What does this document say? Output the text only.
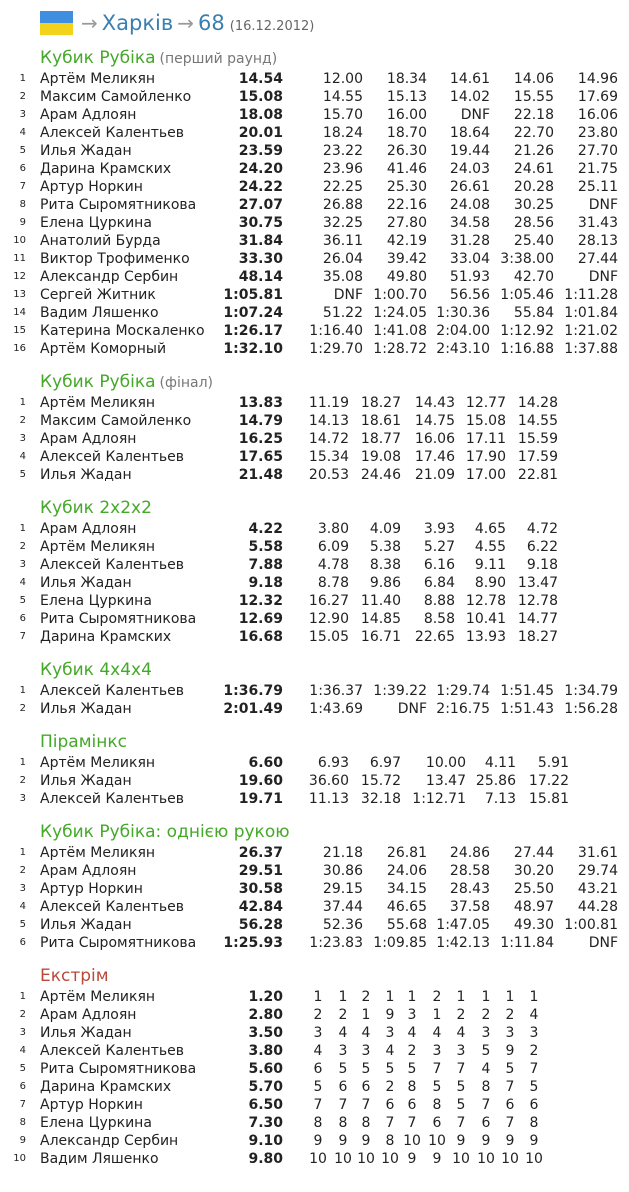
→ Харків → 68 (16.12.2012)
Кубик Рубіка (перший раунд)
1 Артём Меликян	14.54	12.00 18.34 14.61 14.06 14.96
2 Максим Самойленко	15.08	14.55 15.13 14.02 15.55 17.69
3 Арам Адлоян	18.08	15.70 16.00 DNF 22.18 16.06
4 Алексей Калентьев	20.01	18.24 18.70 18.64 22.70 23.80
5 Илья Жадан	23.59	23.22 26.30 19.44 21.26 27.70
6 Дарина Крамских	24.20	23.96 41.46 24.03 24.61 21.75
7 Артур Норкин	24.22	22.25 25.30 26.61 20.28 25.11
8 Рита Сыромятникова	27.07	26.88 22.16 24.08 30.25 DNF
9 Елена Цуркина	30.75	32.25 27.80 34.58 28.56 31.43
10 Анатолий Бурда	31.84	36.11 42.19 31.28 25.40 28.13
11 Виктор Трофименко	33.30	26.04 39.42 33.04 3:38.00 27.44
12 Александр Сербин	48.14	35.08 49.80 51.93 42.70 DNF
13 Сергей Житник	1:05.81	DNF 1:00.70 56.56 1:05.46 1:11.28
14 Вадим Ляшенко	1:07.24	51.22 1:24.05 1:30.36 55.84 1:01.84
15 Катерина Москаленко 1:26.17 1:16.40 1:41.08 2:04.00 1:12.92 1:21.02
16 Артём Коморный	1:32.10 1:29.70 1:28.72 2:43.10 1:16.88 1:37.88
Кубик Рубіка (фінал)
1 Артём Меликян	13.83 11.19 18.27 14.43 12.77 14.28
2 Максим Самойленко	14.79 14.13 18.61 14.75 15.08 14.55
3 Арам Адлоян	16.25 14.72 18.77 16.06 17.11 15.59
4 Алексей Калентьев	17.65 15.34 19.08 17.46 17.90 17.59
5 Илья Жадан	21.48 20.53 24.46 21.09 17.00 22.81
Кубик 2x2x2
1 Арам Адлоян	4.22 3.80 4.09 3.93 4.65 4.72
2 Артём Меликян	5.58 6.09 5.38 5.27 4.55 6.22
3 Алексей Калентьев	7.88 4.78 8.38 6.16 9.11 9.18
4 Илья Жадан	9.18 8.78 9.86 6.84 8.90 13.47
5 Елена Цуркина	12.32 16.27 11.40 8.88 12.78 12.78
6 Рита Сыромятникова	12.69 12.90 14.85 8.58 10.41 14.77
7 Дарина Крамских	16.68 15.05 16.71 22.65 13.93 18.27
Кубик 4x4x4
1 Алексей Калентьев	1:36.79 1:36.37 1:39.22 1:29.74 1:51.45 1:34.79
2 Илья Жадан	2:01.49 1:43.69 DNF 2:16.75 1:51.43 1:56.28
Пірамінкс
1 Артём Меликян	6.60 6.93 6.97 10.00 4.11 5.91
2 Илья Жадан	19.60 36.60 15.72 13.47 25.86 17.22
3 Алексей Калентьев	19.71 11.13 32.18 1:12.71 7.13 15.81
Кубик Рубіка: однією рукою
1 Артём Меликян	26.37	21.18 26.81 24.86 27.44 31.61
2 Арам Адлоян	29.51	30.86 24.06 28.58 30.20 29.74
3 Артур Норкин	30.58	29.15 34.15 28.43 25.50 43.21
4 Алексей Калентьев	42.84	37.44 46.65 37.58 48.97 44.28
5 Илья Жадан	56.28	52.36 55.68 1:47.05 49.30 1:00.81
6 Рита Сыромятникова 1:25.93 1:23.83 1:09.85 1:42.13 1:11.84 DNF
Екстрім
1 Артём Меликян	1.20	1	1	2	1 1	2	1	1	1	1
2 Арам Адлоян	2.80	2	2	1	9 3	1	2	2	2	4
3 Илья Жадан	3.50	3	4	4	3 4	4	4	3	3	3
4 Алексей Калентьев	3.80	4	3	3	4 2	3	3	5	9	2
5 Рита Сыромятникова	5.60	6	5	5	5 5	7	7	4	5	7
6 Дарина Крамских	5.70	5	6	6	2 8	5	5	8	7	5
7 Артур Норкин	6.50	7	7	7	6 6	8	5	7	6	6
8 Елена Цуркина	7.30	8	8	8	7 7	6	7	6	7	8
9 Александр Сербин	9.10	9	9	9	8 10 10 9	9	9	9
10 Вадим Ляшенко	9.80 10 10 10 10 9	9 10 10 10 10
